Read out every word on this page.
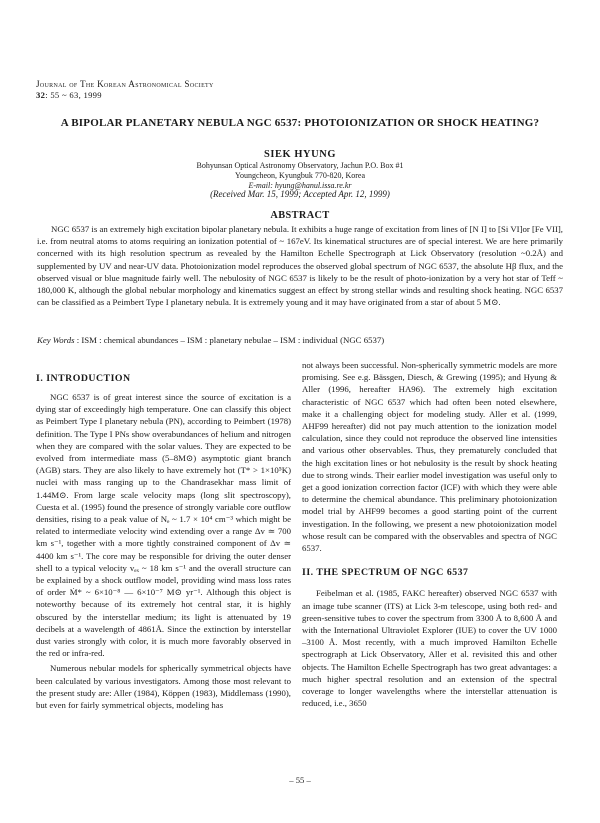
Journal of The Korean Astronomical Society
32: 55 ~ 63, 1999
A BIPOLAR PLANETARY NEBULA NGC 6537: PHOTOIONIZATION OR SHOCK HEATING?
SIEK HYUNG
Bohyunsan Optical Astronomy Observatory, Jachun P.O. Box #1
Youngcheon, Kyungbuk 770-820, Korea
E-mail: hyung@hanul.issa.re.kr
(Received Mar. 15, 1999; Accepted Apr. 12, 1999)
ABSTRACT

NGC 6537 is an extremely high excitation bipolar planetary nebula. It exhibits a huge range of excitation from lines of [N I] to [Si VI]or [Fe VII], i.e. from neutral atoms to atoms requiring an ionization potential of ~ 167eV. Its kinematical structures are of special interest. We are here primarily concerned with its high resolution spectrum as revealed by the Hamilton Echelle Spectrograph at Lick Observatory (resolution ~0.2Å) and supplemented by UV and near-UV data. Photoionization model reproduces the observed global spectrum of NGC 6537, the absolute Hβ flux, and the observed visual or blue magnitude fairly well. The nebulosity of NGC 6537 is likely to be the result of photo-ionization by a very hot star of Teff ~ 180,000 K, although the global nebular morphology and kinematics suggest an effect by strong stellar winds and resulting shock heating. NGC 6537 can be classified as a Peimbert Type I planetary nebula. It is extremely young and it may have originated from a star of about 5 M⊙.

Key Words : ISM : chemical abundances – ISM : planetary nebulae – ISM : individual (NGC 6537)

I. INTRODUCTION

NGC 6537 is of great interest since the source of excitation is a dying star of exceedingly high temperature. One can classify this object as Peimbert Type I planetary nebula (PN), according to Peimbert (1978) definition. The Type I PNs show overabundances of helium and nitrogen when they are compared with the solar values. They are expected to be evolved from intermediate mass (5–8M⊙) asymptotic giant branch (AGB) stars. They are also likely to have extremely hot (T* > 1×10⁵K) nuclei with mass ranging up to the Chandrasekhar mass limit of 1.44M⊙. From large scale velocity maps (long slit spectroscopy), Cuesta et al. (1995) found the presence of strongly variable core outflow densities, rising to a peak value of Nₑ ~ 1.7 × 10⁴ cm⁻³ which might be related to intermediate velocity wind extending over a range Δv ≃ 700 km s⁻¹, together with a more tightly constrained component of Δv ≃ 4400 km s⁻¹. The core may be responsible for driving the outer denser shell to a typical velocity vₑₓ ~ 18 km s⁻¹ and the overall structure can be explained by a shock outflow model, providing wind mass loss rates of order Ṁ* ~ 6×10⁻⁸ — 6×10⁻⁷ M⊙ yr⁻¹. Although this object is noteworthy because of its extremely hot central star, it is highly obscured by the interstellar medium; its light is attenuated by 19 decibels at a wavelength of 4861Å. Since the extinction by interstellar dust varies strongly with color, it is much more favorably observed in the red or infra-red.

Numerous nebular models for spherically symmetrical objects have been calculated by various investigators. Among those most relevant to the present study are: Aller (1984), Köppen (1983), Middlemass (1990), but even for fairly symmetrical objects, modeling has

not always been successful. Non-spherically symmetric models are more promising. See e.g. Bässgen, Diesch, & Grewing (1995); and Hyung & Aller (1996, hereafter HA96). The extremely high excitation characteristic of NGC 6537 which had often been noted elsewhere, make it a challenging object for modeling study. Aller et al. (1999, AHF99 hereafter) did not pay much attention to the ionization model calculation, since they could not reproduce the observed line intensities and various other observables. Thus, they prematurely concluded that the high excitation lines or hot nebulosity is the result by shock heating due to strong winds. Their earlier model investigation was useful only to get a good ionization correction factor (ICF) with which they were able to determine the chemical abundance. This preliminary photoionization model trial by AHF99 becomes a good starting point of the current investigation. In the following, we present a new photoionization model whose result can be compared with the observables and spectra of NGC 6537.

II. THE SPECTRUM OF NGC 6537

Feibelman et al. (1985, FAKC hereafter) observed NGC 6537 with an image tube scanner (ITS) at Lick 3-m telescope, using both red- and green-sensitive tubes to cover the spectrum from 3300 Å to 8,600 Å and with the International Ultraviolet Explorer (IUE) to cover the UV 1000 –3100 Å. Most recently, with a much improved Hamilton Echelle spectrograph at Lick Observatory, Aller et al. revisited this and other objects. The Hamilton Echelle Spectrograph has two great advantages: a much higher spectral resolution and an extension of the spectral coverage to longer wavelengths where the interstellar attenuation is reduced, i.e., 3650

– 55 –
